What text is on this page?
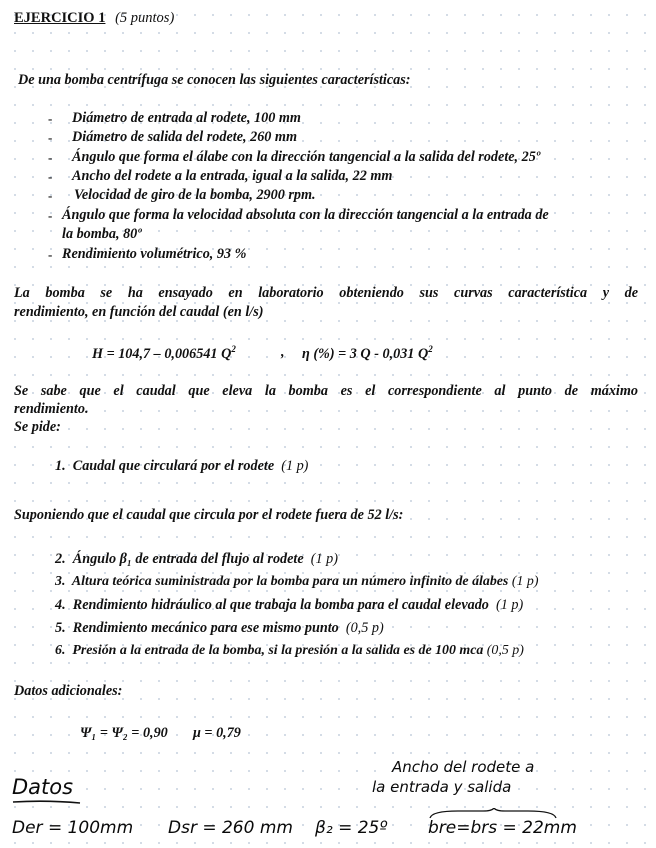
EJERCICIO 1 (5 puntos)
De una bomba centrífuga se conocen las siguientes características:
- Diámetro de entrada al rodete, 100 mm
- Diámetro de salida del rodete, 260 mm
- Ángulo que forma el álabe con la dirección tangencial a la salida del rodete, 25º
- Ancho del rodete a la entrada, igual a la salida, 22 mm
- Velocidad de giro de la bomba, 2900 rpm.
- Ángulo que forma la velocidad absoluta con la dirección tangencial a la entrada de
la bomba, 80º
- Rendimiento volumétrico, 93 %
La bomba se ha ensayado en laboratorio obteniendo sus curvas característica y de
rendimiento, en función del caudal (en l/s)
H = 104,7 – 0,006541 $Q^2$	, η (%) = 3 Q - 0,031 $Q^2$
Se sabe que el caudal que eleva la bomba es el correspondiente al punto de máximo
rendimiento.
Se pide:
1. Caudal que circulará por el rodete (1 p)
Suponiendo que el caudal que circula por el rodete fuera de 52 l/s:
2. Ángulo β₁ de entrada del flujo al rodete (1 p)
3. Altura teórica suministrada por la bomba para un número infinito de álabes (1 p)
4. Rendimiento hidráulico al que trabaja la bomba para el caudal elevado (1 p)
5. Rendimiento mecánico para ese mismo punto (0,5 p)
6. Presión a la entrada de la bomba, si la presión a la salida es de 100 mca (0,5 p)
Datos adicionales:
Ψ₁ = Ψ₂ = 0,90 μ = 0,79
Datos
Ancho del rodete a
la entrada y salida
Der = 100mm Dsr = 260 mm β₂ = 25º bre=brs = 22mm
